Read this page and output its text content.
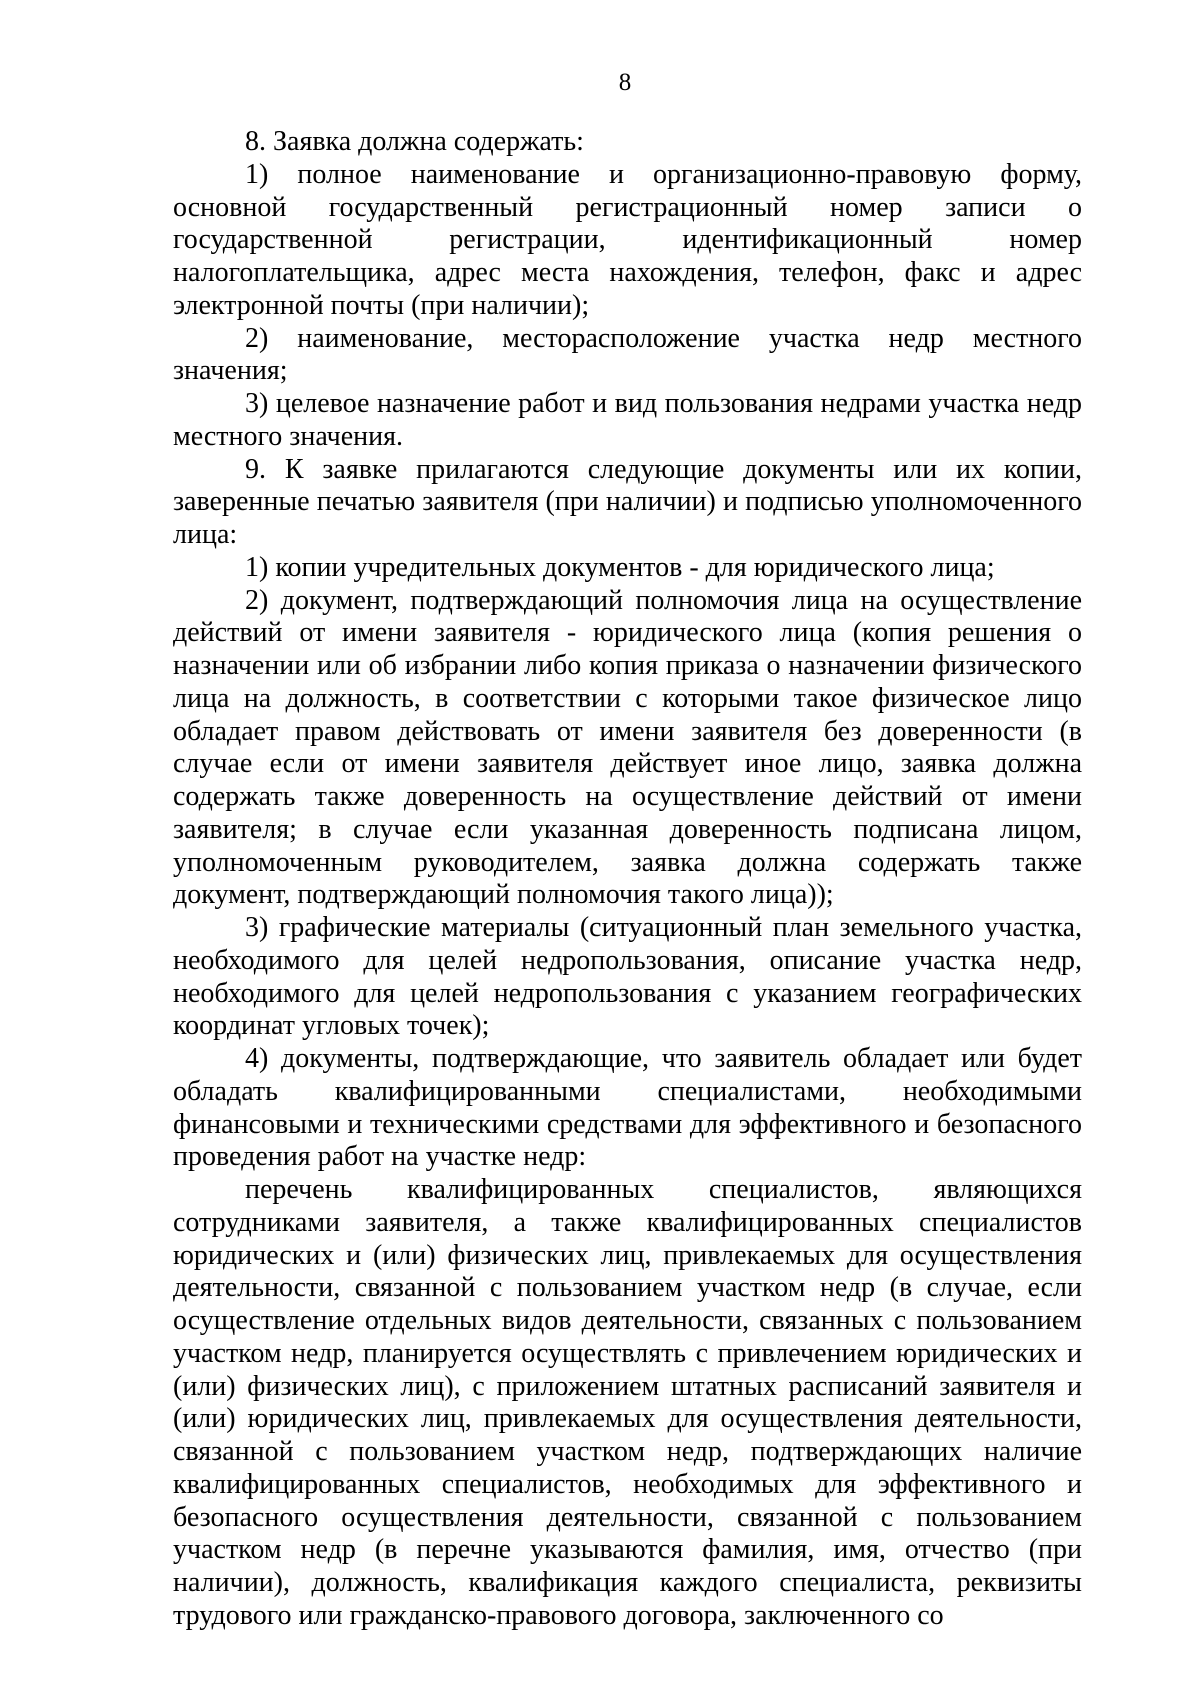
8

8. Заявка должна содержать:

1) полное наименование и организационно-правовую форму, основной государственный регистрационный номер записи о государственной регистрации, идентификационный номер налогоплательщика, адрес места нахождения, телефон, факс и адрес электронной почты (при наличии);

2) наименование, месторасположение участка недр местного значения;

3) целевое назначение работ и вид пользования недрами участка недр местного значения.

9. К заявке прилагаются следующие документы или их копии, заверенные печатью заявителя (при наличии) и подписью уполномоченного лица:

1) копии учредительных документов - для юридического лица;

2) документ, подтверждающий полномочия лица на осуществление действий от имени заявителя - юридического лица (копия решения о назначении или об избрании либо копия приказа о назначении физического лица на должность, в соответствии с которыми такое физическое лицо обладает правом действовать от имени заявителя без доверенности (в случае если от имени заявителя действует иное лицо, заявка должна содержать также доверенность на осуществление действий от имени заявителя; в случае если указанная доверенность подписана лицом, уполномоченным руководителем, заявка должна содержать также документ, подтверждающий полномочия такого лица));

3) графические материалы (ситуационный план земельного участка, необходимого для целей недропользования, описание участка недр, необходимого для целей недропользования с указанием географических координат угловых точек);

4) документы, подтверждающие, что заявитель обладает или будет обладать квалифицированными специалистами, необходимыми финансовыми и техническими средствами для эффективного и безопасного проведения работ на участке недр:

перечень квалифицированных специалистов, являющихся сотрудниками заявителя, а также квалифицированных специалистов юридических и (или) физических лиц, привлекаемых для осуществления деятельности, связанной с пользованием участком недр (в случае, если осуществление отдельных видов деятельности, связанных с пользованием участком недр, планируется осуществлять с привлечением юридических и (или) физических лиц), с приложением штатных расписаний заявителя и (или) юридических лиц, привлекаемых для осуществления деятельности, связанной с пользованием участком недр, подтверждающих наличие квалифицированных специалистов, необходимых для эффективного и безопасного осуществления деятельности, связанной с пользованием участком недр (в перечне указываются фамилия, имя, отчество (при наличии), должность, квалификация каждого специалиста, реквизиты трудового или гражданско-правового договора, заключенного со
